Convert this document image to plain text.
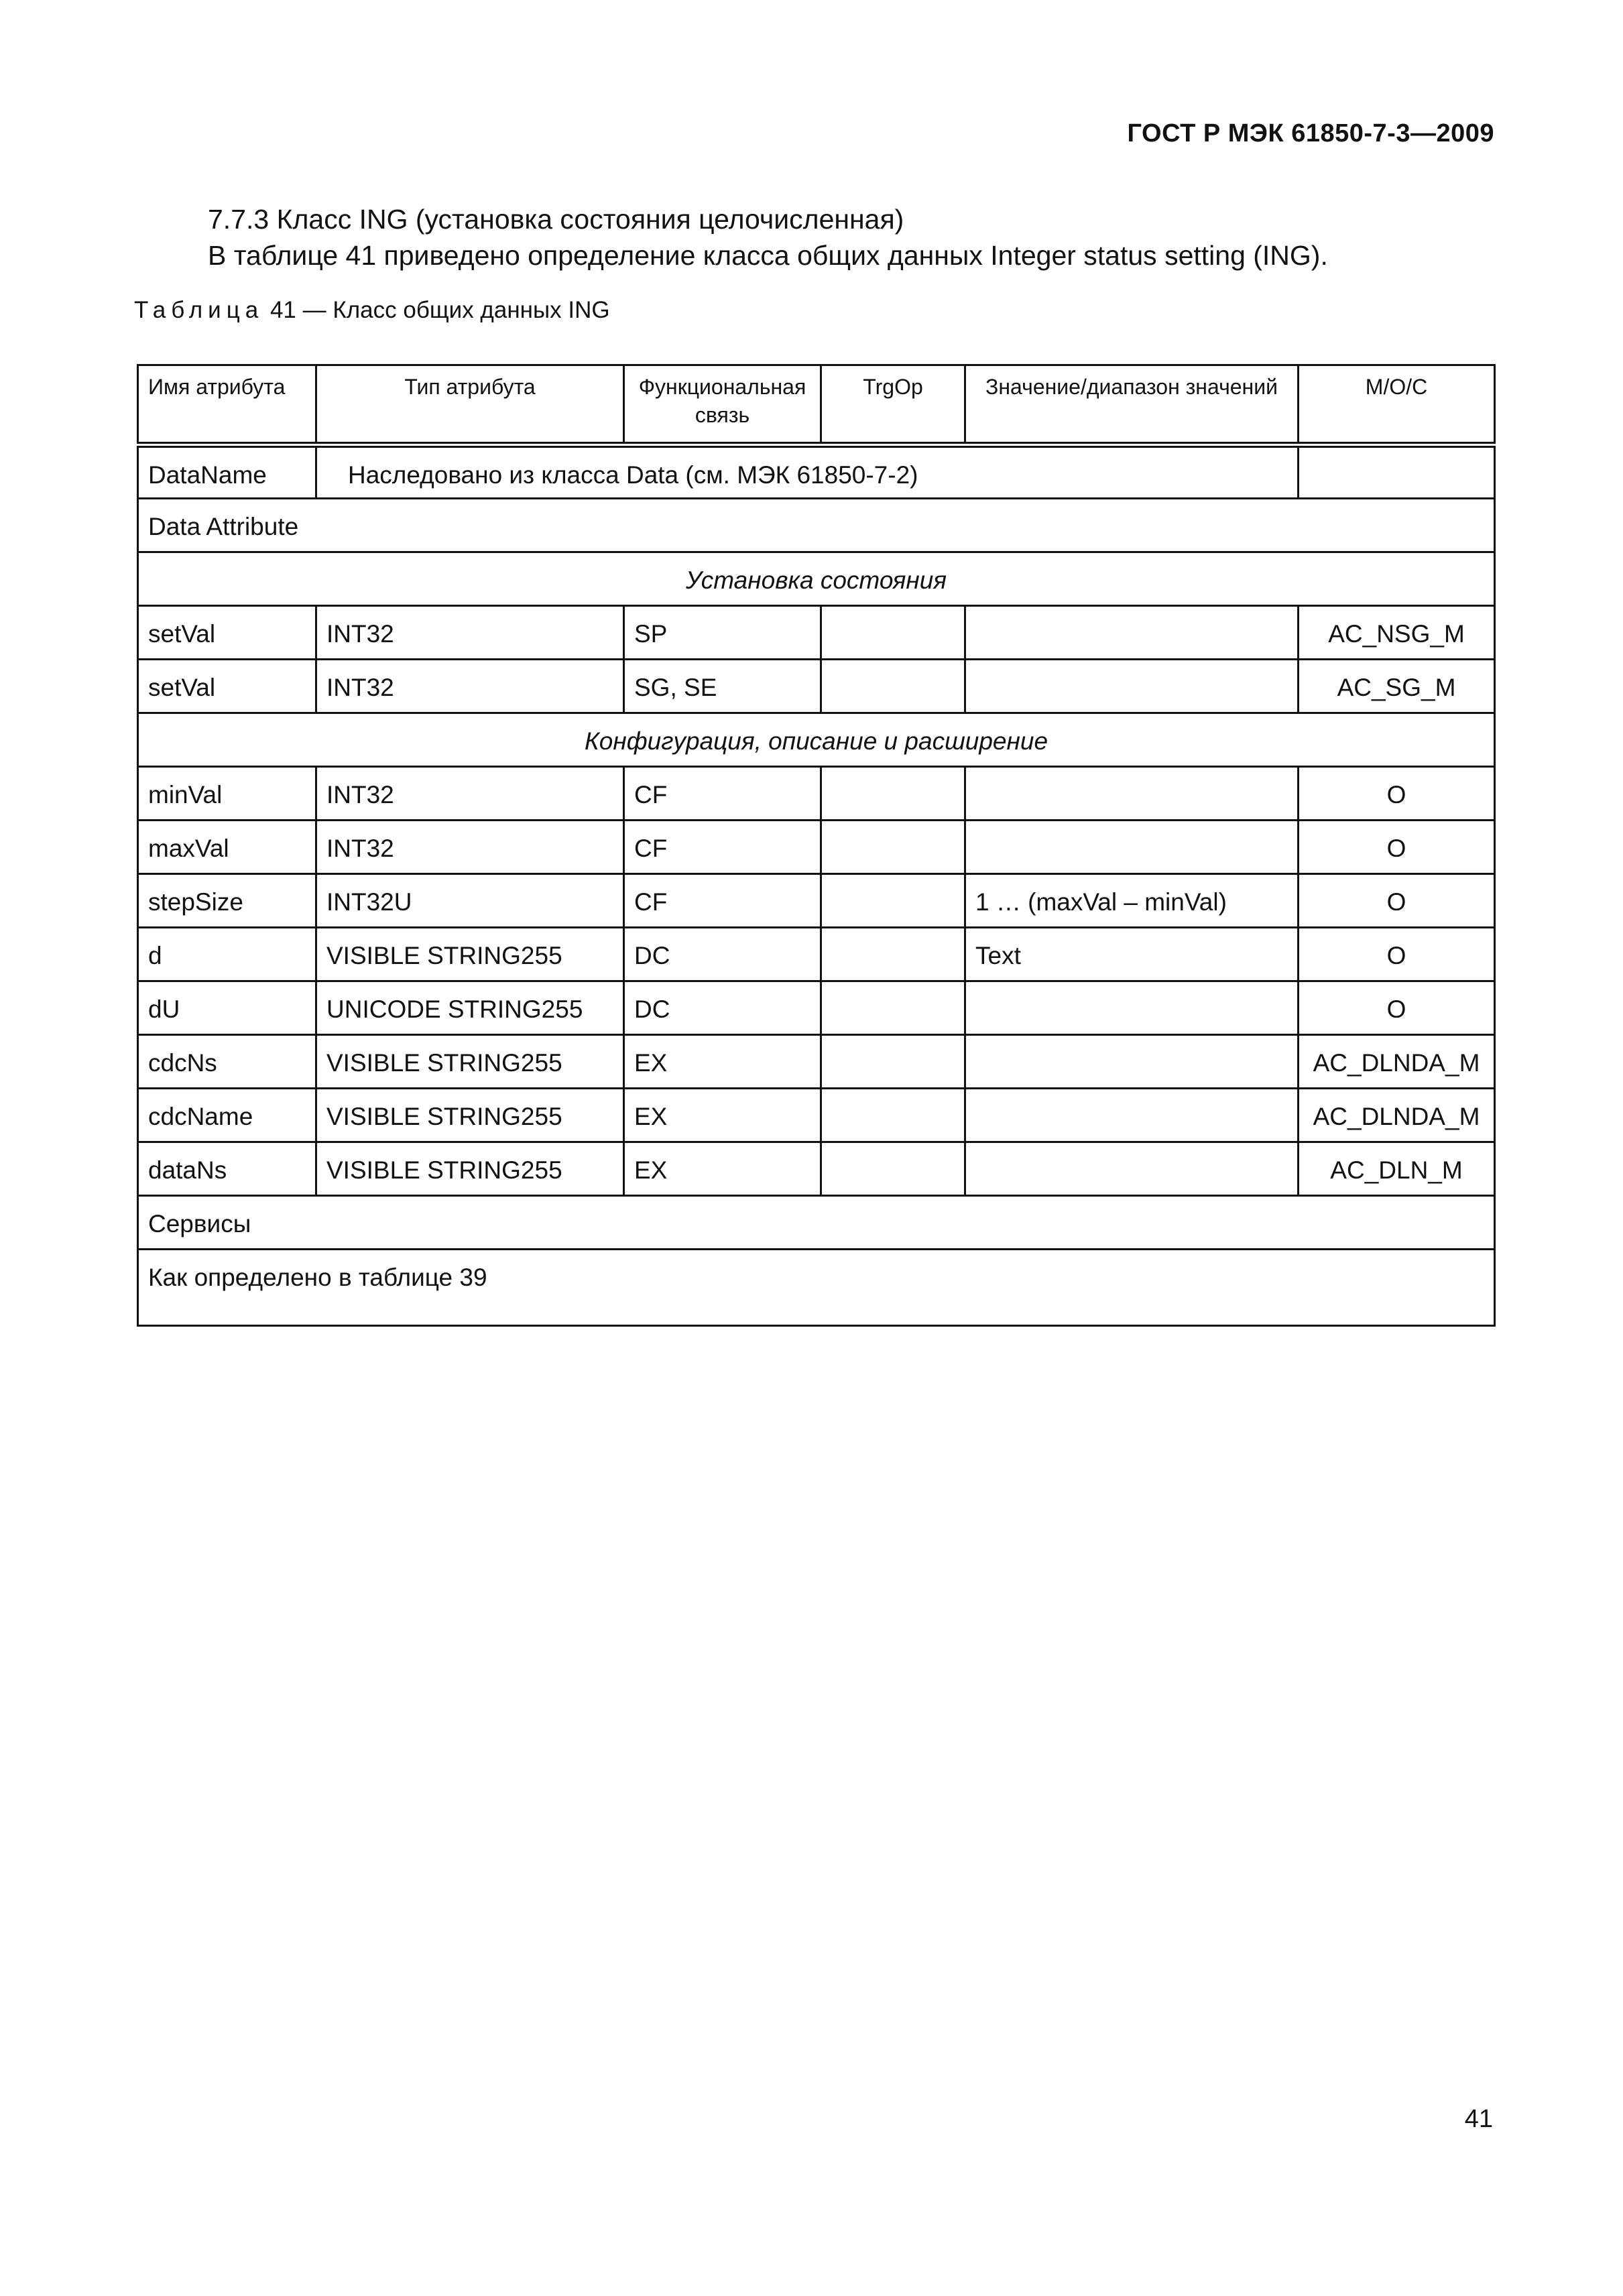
ГОСТ Р МЭК 61850-7-3—2009
7.7.3 Класс ING (установка состояния целочисленная)
В таблице 41 приведено определение класса общих данных Integer status setting (ING).
Таблица 41 — Класс общих данных ING
Имя атрибута	Тип атрибута	Функциональная связь	TrgOp	Значение/диапазон значений	М/О/С
DataName	Наследовано из класса Data (см. МЭК 61850-7-2)				
Data Attribute					
Установка состояния					
setVal	INT32	SP			AC_NSG_M
setVal	INT32	SG, SE			AC_SG_M
Конфигурация, описание и расширение					
minVal	INT32	CF			O
maxVal	INT32	CF			O
stepSize	INT32U	CF		1 … (maxVal – minVal)	O
d	VISIBLE STRING255	DC		Text	O
dU	UNICODE STRING255	DC			O
cdcNs	VISIBLE STRING255	EX			AC_DLNDA_M
cdcName	VISIBLE STRING255	EX			AC_DLNDA_M
dataNs	VISIBLE STRING255	EX			AC_DLN_M
Сервисы					
Как определено в таблице 39					
41
